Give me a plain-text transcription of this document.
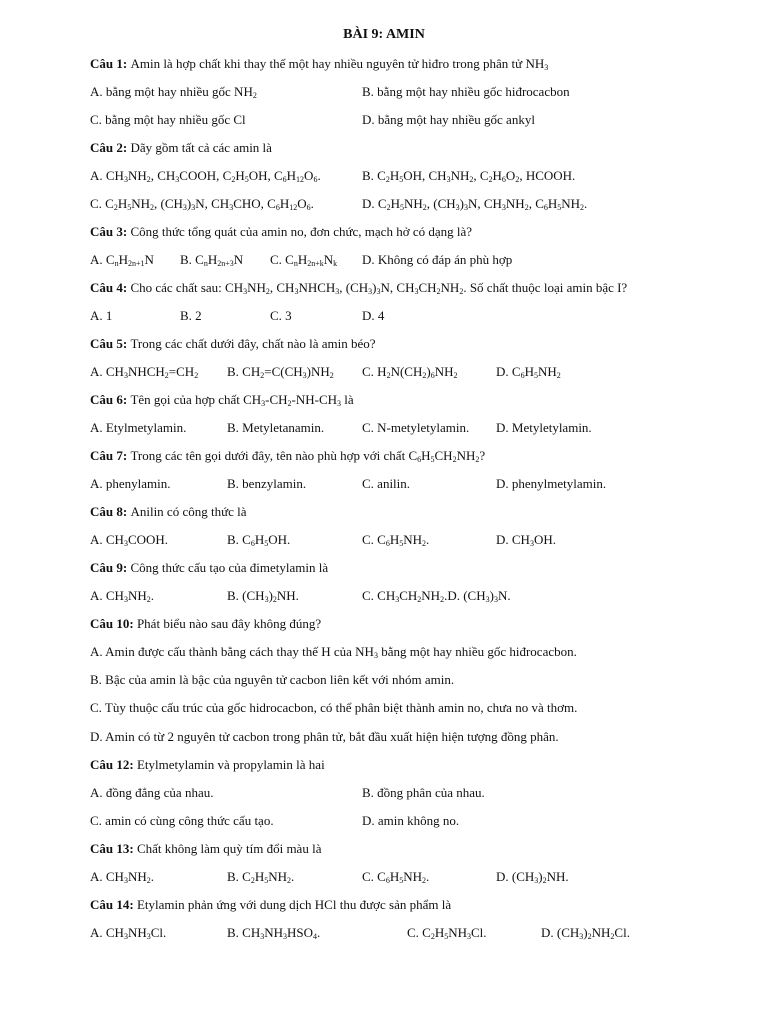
BÀI 9: AMIN
Câu 1: Amin là hợp chất khi thay thế một hay nhiều nguyên tử hiđro trong phân tử $NH_3$
A. bằng một hay nhiều gốc $NH_2$	B. bằng một hay nhiều gốc hiđrocacbon
C. bằng một hay nhiều gốc Cl	D. bằng một hay nhiều gốc ankyl
Câu 2: Dãy gồm tất cả các amin là
A. $CH_3NH_2$, $CH_3COOH$, $C_2H_5OH$, $C_6H_{12}O_6$.	B. $C_2H_5OH$, $CH_3NH_2$, $C_2H_6O_2$, HCOOH.
C. $C_2H_5NH_2$, $(CH_3)_3N$, $CH_3CHO$, $C_6H_{12}O_6$.	D. $C_2H_5NH_2$, $(CH_3)_3N$, $CH_3NH_2$, $C_6H_5NH_2$.
Câu 3: Công thức tổng quát của amin no, đơn chức, mạch hở có dạng là?
A. $C_nH_{2n+1}N$ B. $C_nH_{2n+3}N$ C. $C_nH_{2n+k}N_k$ D. Không có đáp án phù hợp
Câu 4: Cho các chất sau: $CH_3NH_2$, $CH_3NHCH_3$, $(CH_3)_3N$, $CH_3CH_2NH_2$. Số chất thuộc loại amin bậc I?
A. 1	B. 2	C. 3	D. 4
Câu 5: Trong các chất dưới đây, chất nào là amin béo?
A. $CH_3NHCH_2=CH_2$ B. $CH_2=C(CH_3)NH_2$ C. $H_2N(CH_2)_6NH_2$	D. $C_6H_5NH_2$
Câu 6: Tên gọi của hợp chất $CH_3-CH_2-NH-CH_3$ là
A. Etylmetylamin.	B. Metyletanamin.	C. N-metyletylamin. D. Metyletylamin.
Câu 7: Trong các tên gọi dưới đây, tên nào phù hợp với chất $C_6H_5CH_2NH_2$?
A. phenylamin.	B. benzylamin.	C. anilin.	D. phenylmetylamin.
Câu 8: Anilin có công thức là
A. $CH_3COOH$.	B. $C_6H_5OH$.	C. $C_6H_5NH_2$.	D. $CH_3OH$.
Câu 9: Công thức cấu tạo của đimetylamin là
A. $CH_3NH_2$.	B. $(CH_3)_2NH$.	C. $CH_3CH_2NH_2.D$. $(CH_3)_3N$.
Câu 10: Phát biểu nào sau đây không đúng?
A. Amin được cấu thành bằng cách thay thế H của $NH_3$ bằng một hay nhiều gốc hiđrocacbon.
B. Bậc của amin là bậc của nguyên tử cacbon liên kết với nhóm amin.
C. Tùy thuộc cấu trúc của gốc hidrocacbon, có thể phân biệt thành amin no, chưa no và thơm.
D. Amin có từ 2 nguyên tử cacbon trong phân tử, bắt đầu xuất hiện hiện tượng đồng phân.
Câu 12: Etylmetylamin và propylamin là hai
A. đồng đẳng của nhau.	B. đồng phân của nhau.
C. amin có cùng công thức cấu tạo.	D. amin không no.
Câu 13: Chất không làm quỳ tím đổi màu là
A. $CH_3NH_2$.	B. $C_2H_5NH_2$.	C. $C_6H_5NH_2$.	D. $(CH_3)_2NH$.
Câu 14: Etylamin phản ứng với dung dịch HCl thu được sản phẩm là
A. $CH_3NH_3Cl$.	B. $CH_3NH_3HSO_4$.	C. $C_2H_5NH_3Cl$.	D. $(CH_3)_2NH_2Cl$.
